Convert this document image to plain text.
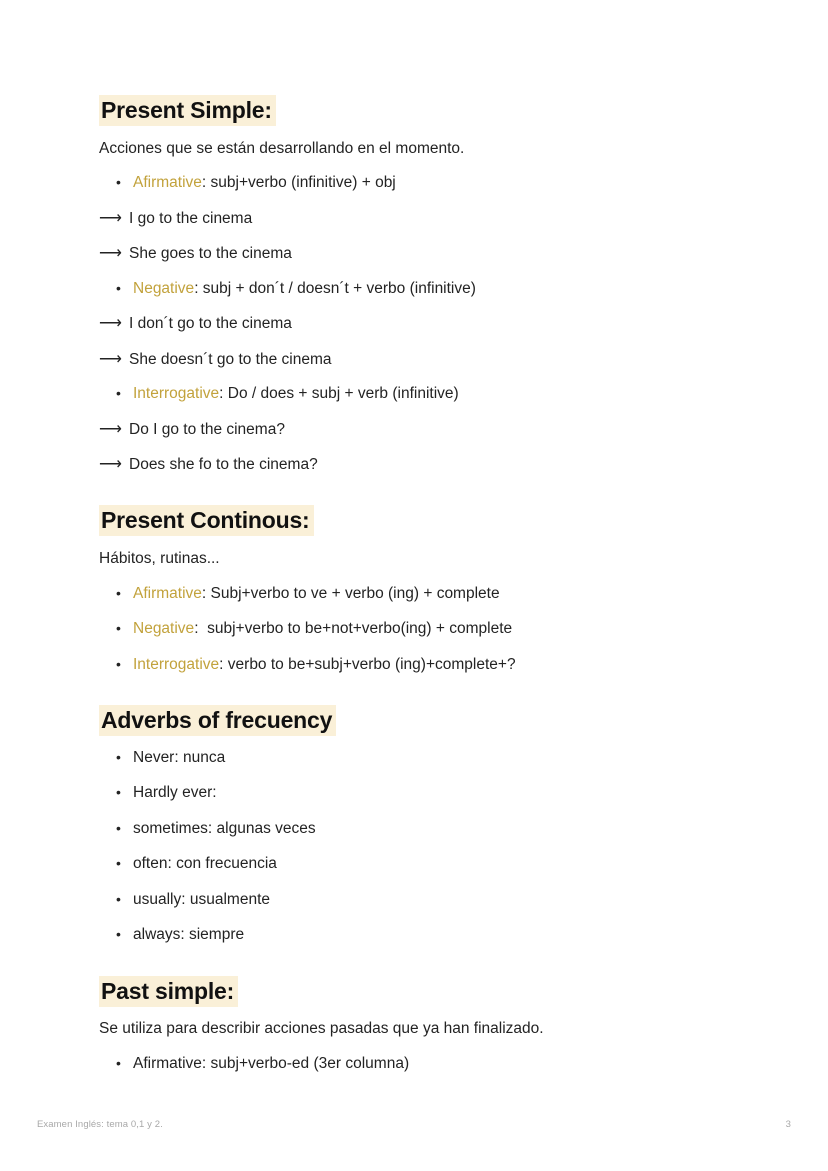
Present Simple:

Acciones que se están desarrollando en el momento.

• Afirmative: subj+verbo (infinitive) + obj
⟶ I go to the cinema
⟶ She goes to the cinema
• Negative: subj + don´t / doesn´t + verbo (infinitive)
⟶ I don´t go to the cinema
⟶ She doesn´t go to the cinema
• Interrogative: Do / does + subj + verb (infinitive)
⟶ Do I go to the cinema?
⟶ Does she fo to the cinema?
Present Continous:

Hábitos, rutinas...

• Afirmative: Subj+verbo to ve + verbo (ing) + complete
• Negative:  subj+verbo to be+not+verbo(ing) + complete
• Interrogative: verbo to be+subj+verbo (ing)+complete+?
Adverbs of frecuency
• Never: nunca
• Hardly ever:
• sometimes: algunas veces
• often: con frecuencia
• usually: usualmente
• always: siempre
Past simple:

Se utiliza para describir acciones pasadas que ya han finalizado.

• Afirmative: subj+verbo-ed (3er columna)
Examen Inglés: tema 0,1 y 2.	3
